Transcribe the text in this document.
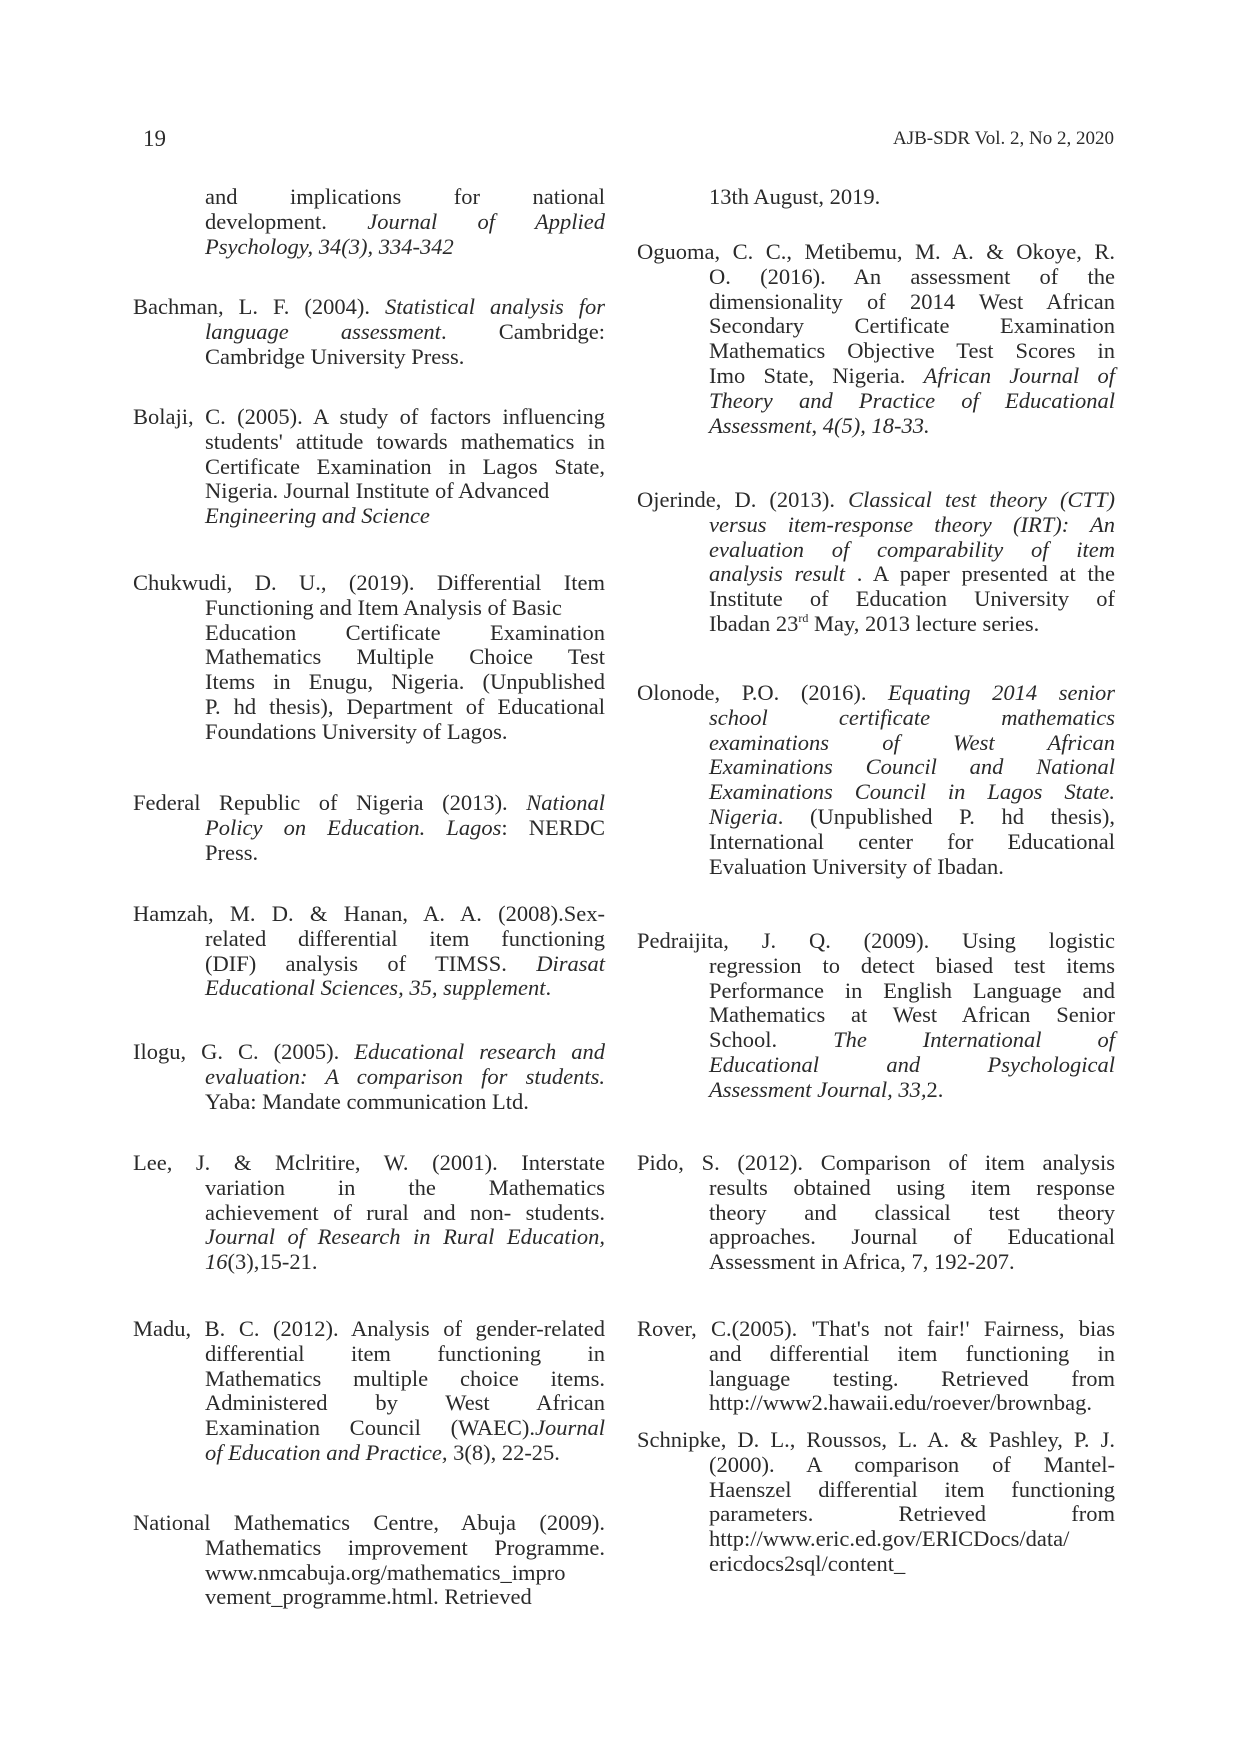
19	AJB-SDR Vol. 2, No 2, 2020
and implications for national
development. Journal of Applied
Psychology, 34(3), 334-342
Bachman, L. F. (2004). Statistical analysis for
language assessment. Cambridge:
Cambridge University Press.
Bolaji, C. (2005). A study of factors influencing
students' attitude towards mathematics in
Certificate Examination in Lagos State,
Nigeria. Journal Institute of Advanced
Engineering and Science
Chukwudi, D. U., (2019). Differential Item
Functioning and Item Analysis of Basic
Education Certificate Examination
Mathematics Multiple Choice Test
Items in Enugu, Nigeria. (Unpublished
P. hd thesis), Department of Educational
Foundations University of Lagos.
Federal Republic of Nigeria (2013). National
Policy on Education. Lagos: NERDC
Press.
Hamzah, M. D. & Hanan, A. A. (2008).Sex-
related differential item functioning
(DIF) analysis of TIMSS. Dirasat
Educational Sciences, 35, supplement.
Ilogu, G. C. (2005). Educational research and
evaluation: A comparison for students.
Yaba: Mandate communication Ltd.
Lee, J. & Mclritire, W. (2001). Interstate
variation in the Mathematics
achievement of rural and non- students.
Journal of Research in Rural Education,
16(3),15-21.
Madu, B. C. (2012). Analysis of gender-related
differential item functioning in
Mathematics multiple choice items.
Administered by West African
Examination Council (WAEC).Journal
of Education and Practice, 3(8), 22-25.
National Mathematics Centre, Abuja (2009).
Mathematics improvement Programme.
www.nmcabuja.org/mathematics_impro
vement_programme.html. Retrieved
13th August, 2019.
Oguoma, C. C., Metibemu, M. A. & Okoye, R.
O. (2016). An assessment of the
dimensionality of 2014 West African
Secondary Certificate Examination
Mathematics Objective Test Scores in
Imo State, Nigeria. African Journal of
Theory and Practice of Educational
Assessment, 4(5), 18-33.
Ojerinde, D. (2013). Classical test theory (CTT)
versus item-response theory (IRT): An
evaluation of comparability of item
analysis result . A paper presented at the
Institute of Education University of
Ibadan 23rd May, 2013 lecture series.
Olonode, P.O. (2016). Equating 2014 senior
school certificate mathematics
examinations of West African
Examinations Council and National
Examinations Council in Lagos State.
Nigeria. (Unpublished P. hd thesis),
International center for Educational
Evaluation University of Ibadan.
Pedraijita, J. Q. (2009). Using logistic
regression to detect biased test items
Performance in English Language and
Mathematics at West African Senior
School. The International of
Educational and Psychological
Assessment Journal, 33,2.
Pido, S. (2012). Comparison of item analysis
results obtained using item response
theory and classical test theory
approaches. Journal of Educational
Assessment in Africa, 7, 192-207.
Rover, C.(2005). 'That's not fair!' Fairness, bias
and differential item functioning in
language testing. Retrieved from
http://www2.hawaii.edu/roever/brownbag.
Schnipke, D. L., Roussos, L. A. & Pashley, P. J.
(2000). A comparison of Mantel-
Haenszel differential item functioning
parameters. Retrieved from
http://www.eric.ed.gov/ERICDocs/data/
ericdocs2sql/content_
